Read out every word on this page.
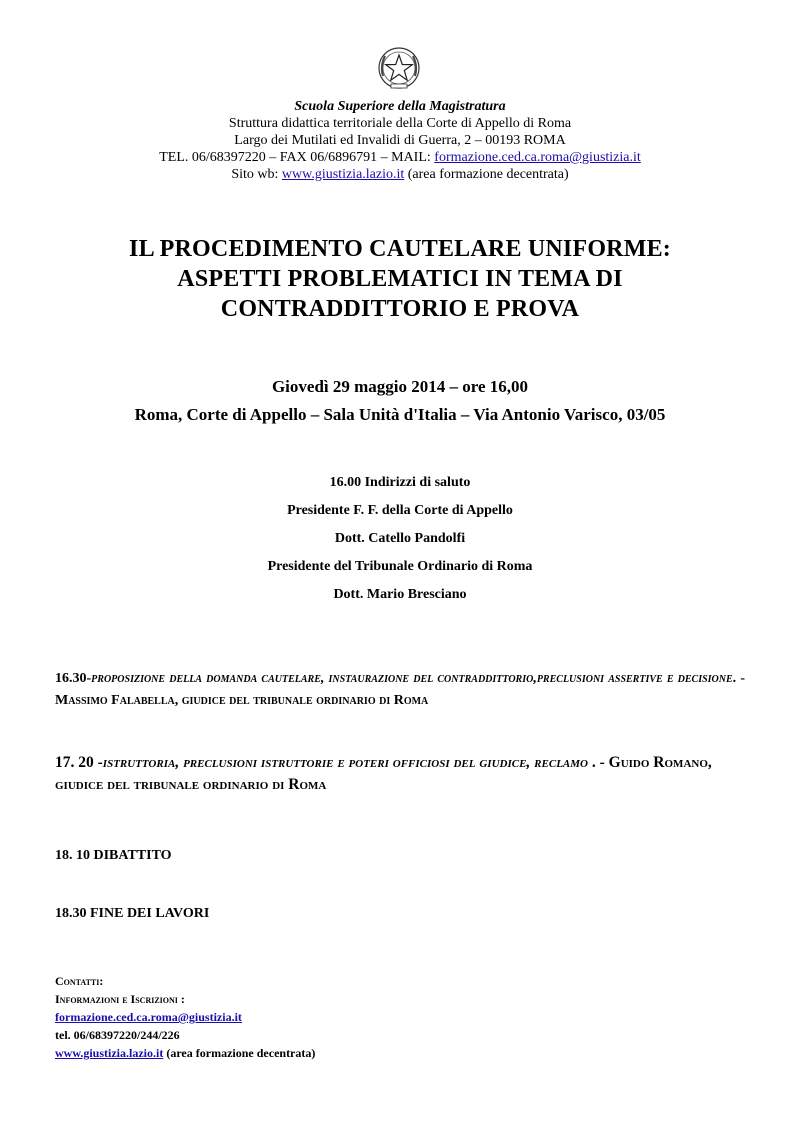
Scuola Superiore della Magistratura
Struttura didattica territoriale della Corte di Appello di Roma
Largo dei Mutilati ed Invalidi di Guerra, 2 – 00193 ROMA
TEL. 06/68397220 – FAX 06/6896791 – MAIL: formazione.ced.ca.roma@giustizia.it
Sito wb: www.giustizia.lazio.it (area formazione decentrata)
IL PROCEDIMENTO CAUTELARE UNIFORME:
ASPETTI PROBLEMATICI IN TEMA DI
CONTRADDITTORIO E PROVA
Giovedì 29 maggio 2014 – ore 16,00
Roma, Corte di Appello – Sala Unità d'Italia – Via Antonio Varisco, 03/05
16.00 Indirizzi di saluto
Presidente F. F. della Corte di Appello
Dott. Catello Pandolfi
Presidente del Tribunale Ordinario di Roma
Dott. Mario Bresciano
16.30-proposizione della domanda cautelare, instaurazione del contraddittorio,preclusioni assertive e decisione. - Massimo Falabella, giudice del tribunale ordinario di Roma
17. 20 -istruttoria, preclusioni istruttorie e poteri officiosi del giudice, reclamo . - Guido Romano, giudice del tribunale ordinario di Roma
18. 10 DIBATTITO
18.30 FINE DEI LAVORI
Contatti:
Informazioni e Iscrizioni :
formazione.ced.ca.roma@giustizia.it
tel. 06/68397220/244/226
www.giustizia.lazio.it (area formazione decentrata)
